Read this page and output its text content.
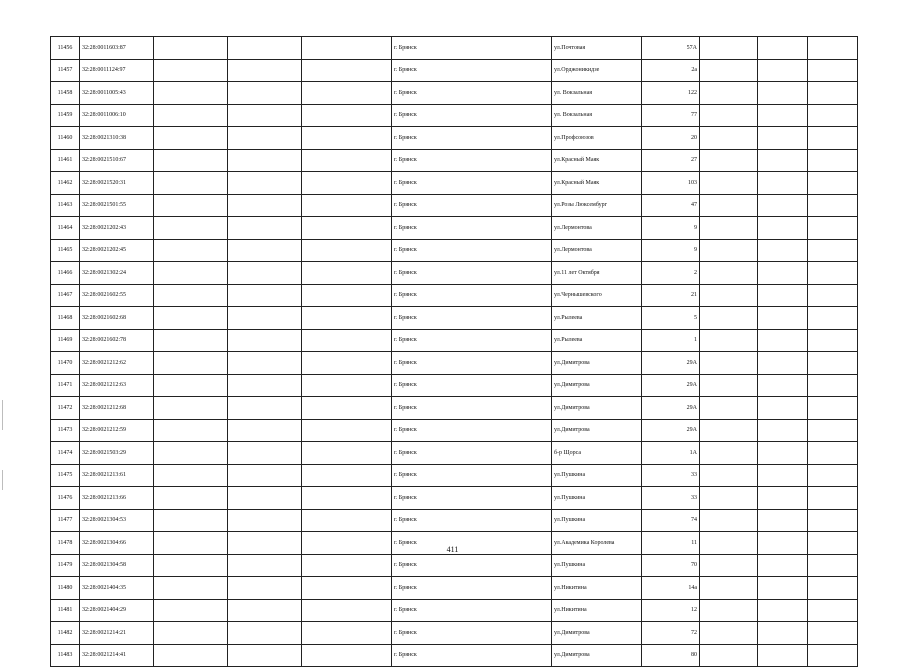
11456	32:28:0011603:87				г. Брянск	ул.Почтовая	57А			
11457	32:28:0011124:97				г. Брянск	ул.Орджоникидзе	2а			
11458	32:28:0011005:43				г. Брянск	ул. Вокзальная	122			
11459	32:28:0011006:10				г. Брянск	ул. Вокзальная	77			
11460	32:28:0021310:38				г. Брянск	ул.Профсоюзов	20			
11461	32:28:0021510:67				г. Брянск	ул.Красный Маяк	27			
11462	32:28:0021520:31				г. Брянск	ул.Красный Маяк	103			
11463	32:28:0021501:55				г. Брянск	ул.Розы Люксембург	47			
11464	32:28:0021202:43				г. Брянск	ул.Лермонтова	9			
11465	32:28:0021202:45				г. Брянск	ул.Лермонтова	9			
11466	32:28:0021302:24				г. Брянск	ул.11 лет Октября	2			
11467	32:28:0021602:55				г. Брянск	ул.Чернышевского	21			
11468	32:28:0021602:68				г. Брянск	ул.Рылеева	5			
11469	32:28:0021602:78				г. Брянск	ул.Рылеева	1			
11470	32:28:0021212:62				г. Брянск	ул.Димитрова	29А			
11471	32:28:0021212:63				г. Брянск	ул.Димитрова	29А			
11472	32:28:0021212:68				г. Брянск	ул.Димитрова	29А			
11473	32:28:0021212:59				г. Брянск	ул.Димитрова	29А			
11474	32:28:0021503:29				г. Брянск	б-р Щорса	1А			
11475	32:28:0021213:61				г. Брянск	ул.Пушкина	33			
11476	32:28:0021213:66				г. Брянск	ул.Пушкина	33			
11477	32:28:0021304:53				г. Брянск	ул.Пушкина	74			
11478	32:28:0021304:66				г. Брянск	ул.Академика Королева	11			
11479	32:28:0021304:58				г. Брянск	ул.Пушкина	70			
11480	32:28:0021404:35				г. Брянск	ул.Никитина	14а			
11481	32:28:0021404:29				г. Брянск	ул.Никитина	12			
11482	32:28:0021214:21				г. Брянск	ул.Димитрова	72			
11483	32:28:0021214:41				г. Брянск	ул.Димитрова	80			
411
